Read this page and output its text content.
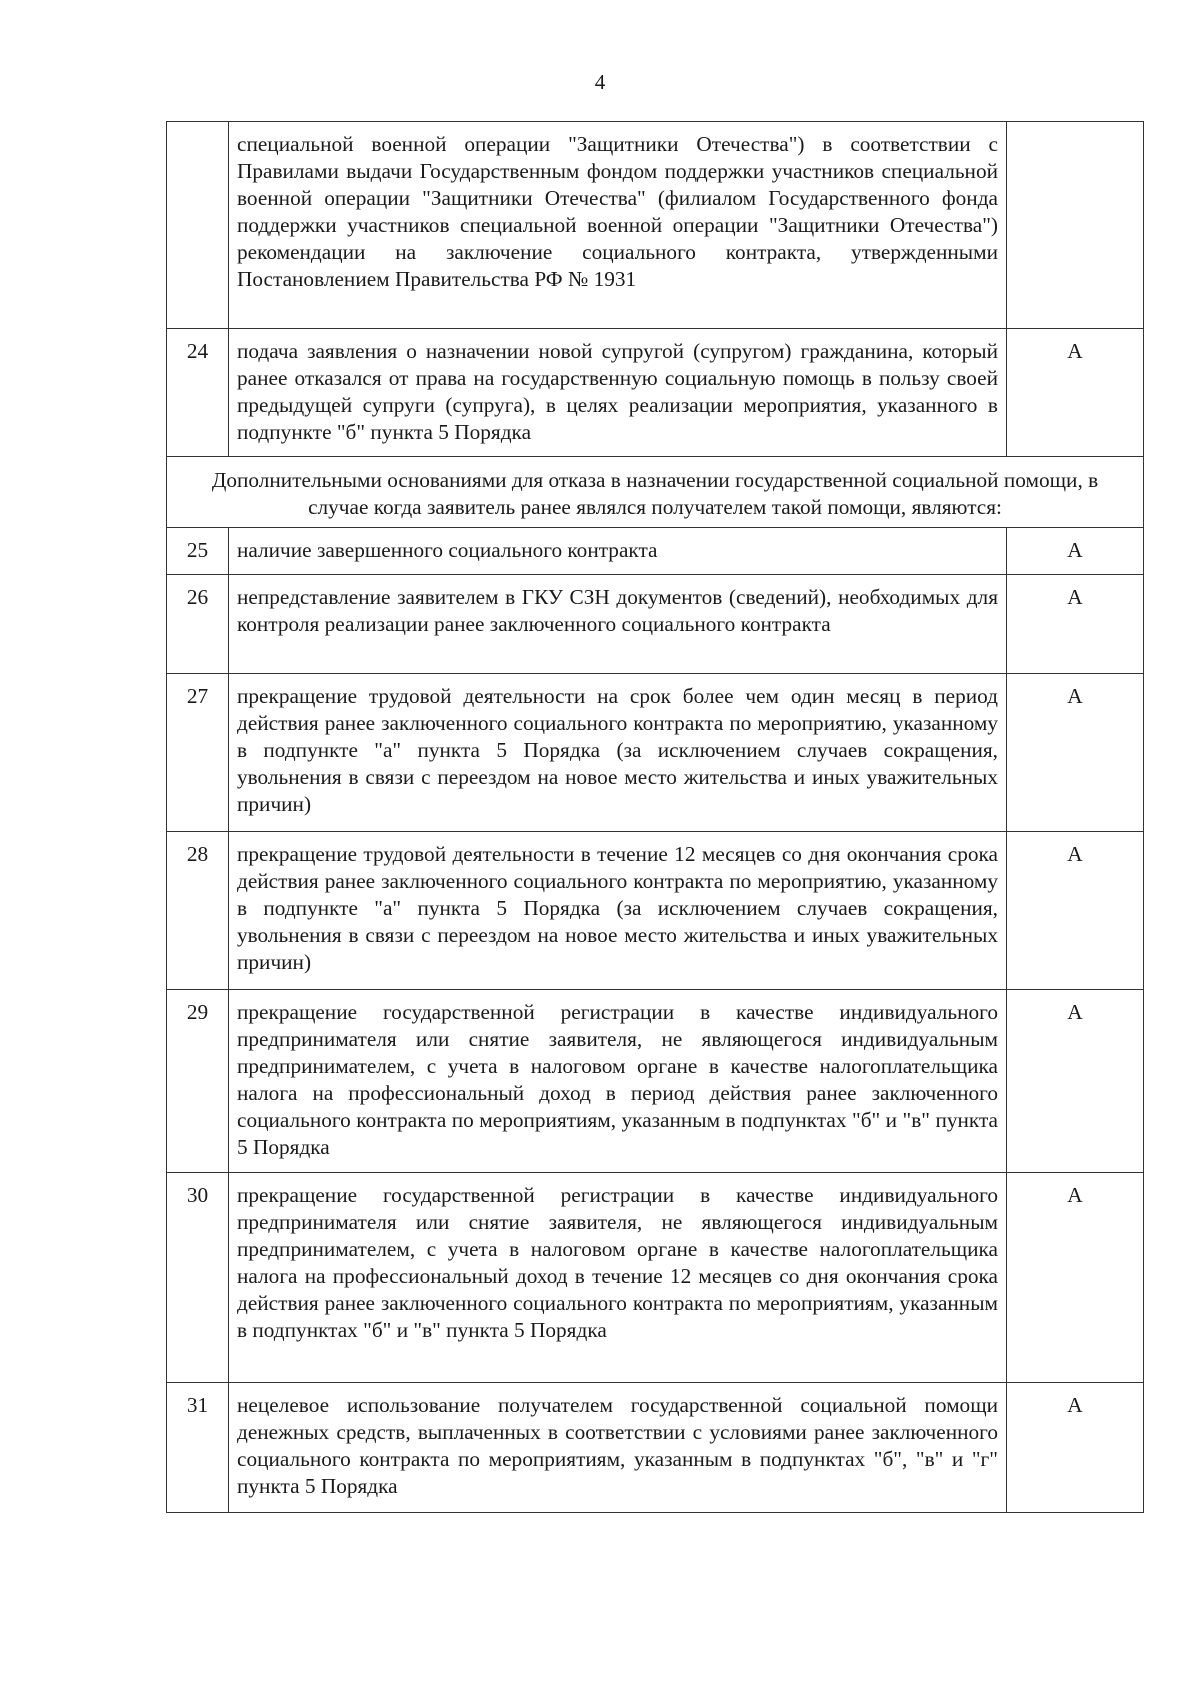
4
	специальной военной операции "Защитники Отечества") в соответствии с Правилами выдачи Государственным фондом поддержки участников специальной военной операции "Защитники Отечества" (филиалом Государственного фонда поддержки участников специальной военной операции "Защитники Отечества") рекомендации на заключение социального контракта, утвержденными Постановлением Правительства РФ № 1931	
24	подача заявления о назначении новой супругой (супругом) гражданина, который ранее отказался от права на государственную социальную помощь в пользу своей предыдущей супруги (супруга), в целях реализации мероприятия, указанного в подпункте "б" пункта 5 Порядка	А
Дополнительными основаниями для отказа в назначении государственной социальной помощи, в случае когда заявитель ранее являлся получателем такой помощи, являются:		
25	наличие завершенного социального контракта	А
26	непредставление заявителем в ГКУ СЗН документов (сведений), необходимых для контроля реализации ранее заключенного социального контракта	А
27	прекращение трудовой деятельности на срок более чем один месяц в период действия ранее заключенного социального контракта по мероприятию, указанному в подпункте "а" пункта 5 Порядка (за исключением случаев сокращения, увольнения в связи с переездом на новое место жительства и иных уважительных причин)	А
28	прекращение трудовой деятельности в течение 12 месяцев со дня окончания срока действия ранее заключенного социального контракта по мероприятию, указанному в подпункте "а" пункта 5 Порядка (за исключением случаев сокращения, увольнения в связи с переездом на новое место жительства и иных уважительных причин)	А
29	прекращение государственной регистрации в качестве индивидуального предпринимателя или снятие заявителя, не являющегося индивидуальным предпринимателем, с учета в налоговом органе в качестве налогоплательщика налога на профессиональный доход в период действия ранее заключенного социального контракта по мероприятиям, указанным в подпунктах "б" и "в" пункта 5 Порядка	А
30	прекращение государственной регистрации в качестве индивидуального предпринимателя или снятие заявителя, не являющегося индивидуальным предпринимателем, с учета в налоговом органе в качестве налогоплательщика налога на профессиональный доход в течение 12 месяцев со дня окончания срока действия ранее заключенного социального контракта по мероприятиям, указанным в подпунктах "б" и "в" пункта 5 Порядка	А
31	нецелевое использование получателем государственной социальной помощи денежных средств, выплаченных в соответствии с условиями ранее заключенного социального контракта по мероприятиям, указанным в подпунктах "б", "в" и "г" пункта 5 Порядка	А
